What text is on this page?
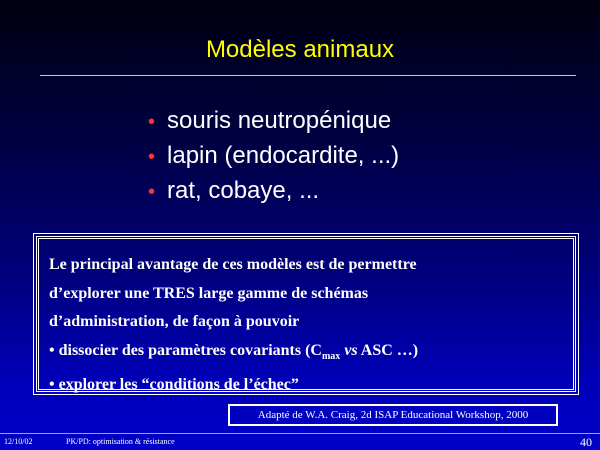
Modèles animaux
• souris neutropénique
• lapin (endocardite, ...)
• rat, cobaye, ...
Le principal avantage de ces modèles est de permettre
d’explorer une TRES large gamme de schémas
d’administration, de façon à pouvoir
• dissocier des paramètres covariants ($C_{max}$ vs ASC …)
• explorer les “conditions de l’échec”
Adapté de W.A. Craig, 2d ISAP Educational Workshop, 2000
12/10/02	PK/PD: optimisation & résistance	40
